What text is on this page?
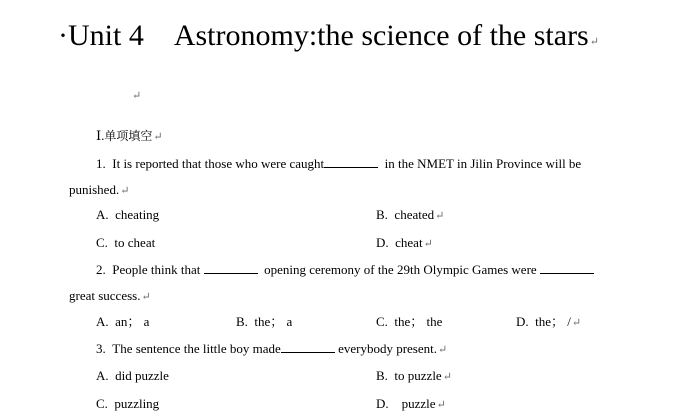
·Unit 4 Astronomy:the science of the stars↵
↵
Ⅰ.单项填空↵
1. It is reported that those who were caught	in the NMET in Jilin Province will be
punished.↵
A. cheating	B. cheated↵
C. to cheat	D. cheat↵
2. People think that	opening ceremony of the 29th Olympic Games were
great success.↵
A. an； a	B. the； a	C. the； the	D. the； /↵
3. The sentence the little boy made	everybody present.↵
A. did puzzle	B. to puzzle↵
C. puzzling	D. puzzle↵
